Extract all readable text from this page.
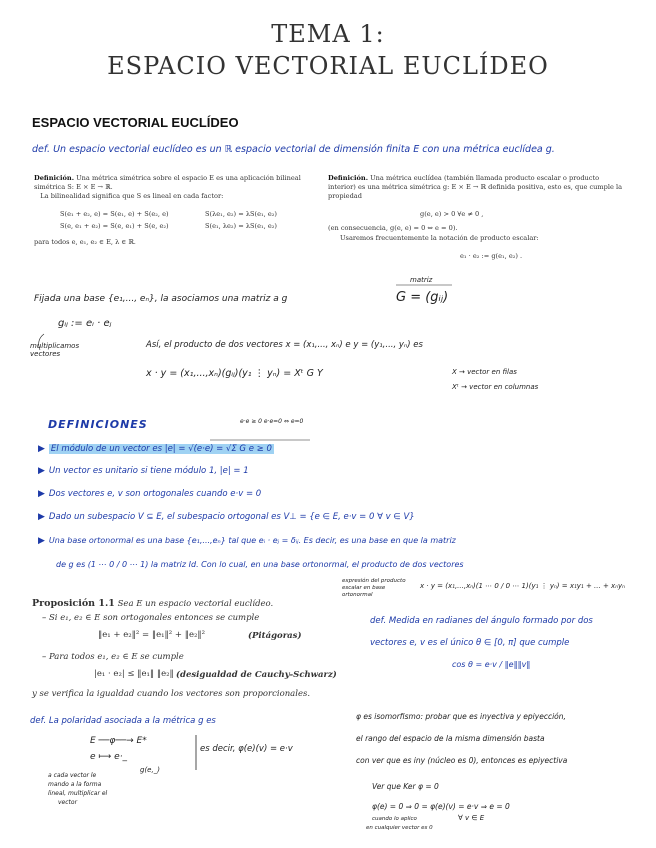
TEMA 1:
ESPACIO VECTORIAL EUCLÍDEO
ESPACIO VECTORIAL EUCLÍDEO
def. Un espacio vectorial euclídeo es un ℝ espacio vectorial de dimensión finita E con una métrica euclídea g.
Definición. Una métrica simétrica sobre el espacio E es una aplicación bilineal simétrica S: E × E → ℝ.
La bilinealidad significa que S es lineal en cada factor:
S(e₁ + e₂, e) = S(e₁, e) + S(e₂, e)	S(λe₁, e₂) = λS(e₁, e₂)
S(e, e₁ + e₂) = S(e, e₁) + S(e, e₂)	S(e₁, λe₂) = λS(e₁, e₂)
para todos e, e₁, e₂ ∈ E, λ ∈ ℝ.
Definición. Una métrica euclídea (también llamada producto escalar o producto interior) es una métrica simétrica g: E × E → ℝ definida positiva, esto es, que cumple la propiedad
g(e, e) > 0 ∀e ≠ 0 ,
(en consecuencia, g(e, e) = 0 ⇔ e = 0).
Usaremos frecuentemente la notación de producto escalar:
e₁ · e₂ := g(e₁, e₂) .
Fijada una base {e₁,..., eₙ}, la asociamos una matriz a g
matriz
G = (gᵢⱼ)
gᵢⱼ := eᵢ · eⱼ
multiplicamos vectores
Así, el producto de dos vectores x = (x₁,..., xₙ) e y = (y₁,..., yₙ) es
x · y = (x₁,...,xₙ)(gᵢⱼ)(y₁ ⋮ yₙ) = Xᵗ G Y	X → vector en filas
Xᵗ → vector en columnas
DEFINICIONES	e·e ≥ 0 e·e=0 ⇔ e=0
▶ El módulo de un vector es |e| = √(e·e) = √Σ G e ≥ 0
▶ Un vector es unitario si tiene módulo 1, |e| = 1
▶ Dos vectores e, v son ortogonales cuando e·v = 0
▶ Dado un subespacio V ⊆ E, el subespacio ortogonal es V⊥ = {e ∈ E, e·v = 0 ∀ v ∈ V}
▶ Una base ortonormal es una base {e₁,...,eₙ} tal que eᵢ · eⱼ = δᵢⱼ. Es decir, es una base en que la matriz
de g es (1 ⋯ 0 / 0 ⋯ 1) la matriz Id. Con lo cual, en una base ortonormal, el producto de dos vectores
expresión del producto escalar en base ortonormal
x · y = (x₁,...,xₙ)(1 ⋯ 0 / 0 ⋯ 1)(y₁ ⋮ yₙ) = x₁y₁ + ... + xₙyₙ
Proposición 1.1 Sea E un espacio vectorial euclídeo.
– Si e₁, e₂ ∈ E son ortogonales entonces se cumple
‖e₁ + e₂‖² = ‖e₁‖² + ‖e₂‖²	(Pitágoras)
– Para todos e₁, e₂ ∈ E se cumple
|e₁ · e₂| ≤ ‖e₁‖ ‖e₂‖ (desigualdad de Cauchy-Schwarz)
y se verifica la igualdad cuando los vectores son proporcionales.
def. Medida en radianes del ángulo formado por dos
vectores e, v es el único θ ∈ [0, π] que cumple
cos θ = e·v / ‖e‖‖v‖
def. La polaridad asociada a la métrica g es
E ──φ──→ E*
e ⟼ e·_
g(e,_)
es decir, φ(e)(v) = e·v
a cada vector le
mando a la forma
lineal, multiplicar el
vector
φ es isomorfismo: probar que es inyectiva y epiyección,
el rango del espacio de la misma dimensión basta
con ver que es iny (núcleo es 0), entonces es epiyectiva
Ver que Ker φ = 0
φ(e) = 0 ⇒ 0 = φ(e)(v) = e·v ⇒ e = 0
∀ v ∈ E
cuando lo aplico
en cualquier vector es 0
